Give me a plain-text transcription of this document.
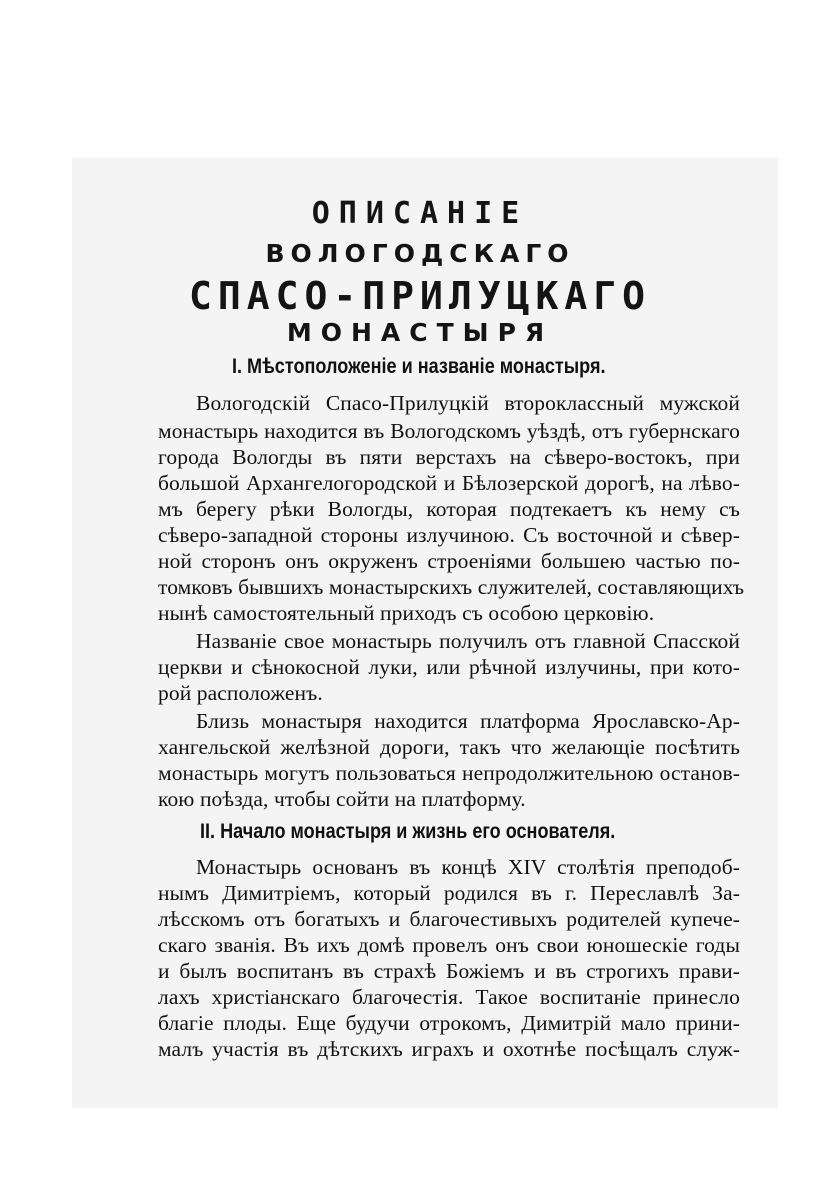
ОПИСАНІЕ
ВОЛОГОДСКАГО
СПАСО-ПРИЛУЦКАГО
МОНАСТЫРЯ
I. Мѣстоположеніе и названіе монастыря.
Вологодскій Спасо-Прилуцкій второклассный мужской
монастырь находится въ Вологодскомъ уѣздѣ, отъ губернскаго
города Вологды въ пяти верстахъ на сѣверо-востокъ, при
большой Архангелогородской и Бѣлозерской дорогѣ, на лѣво-
мъ берегу рѣки Вологды, которая подтекаетъ къ нему съ
сѣверо-западной стороны излучиною. Съ восточной и сѣвер-
ной сторонъ онъ окруженъ строеніями большею частью по-
томковъ бывшихъ монастырскихъ служителей, составляющихъ
нынѣ самостоятельный приходъ съ особою церковію.
Названіе свое монастырь получилъ отъ главной Спасской
церкви и сѣнокосной луки, или рѣчной излучины, при кото-
рой расположенъ.
Близь монастыря находится платформа Ярославско-Ар-
хангельской желѣзной дороги, такъ что желающіе посѣтить
монастырь могутъ пользоваться непродолжительною останов-
кою поѣзда, чтобы сойти на платформу.
II. Начало монастыря и жизнь его основателя.
Монастырь основанъ въ концѣ XIV столѣтія преподоб-
нымъ Димитріемъ, который родился въ г. Переславлѣ За-
лѣсскомъ отъ богатыхъ и благочестивыхъ родителей купече-
скаго званія. Въ ихъ домѣ провелъ онъ свои юношескіе годы
и былъ воспитанъ въ страхѣ Божіемъ и въ строгихъ прави-
лахъ христіанскаго благочестія. Такое воспитаніе принесло
благіе плоды. Еще будучи отрокомъ, Димитрій мало прини-
малъ участія въ дѣтскихъ играхъ и охотнѣе посѣщалъ служ-
